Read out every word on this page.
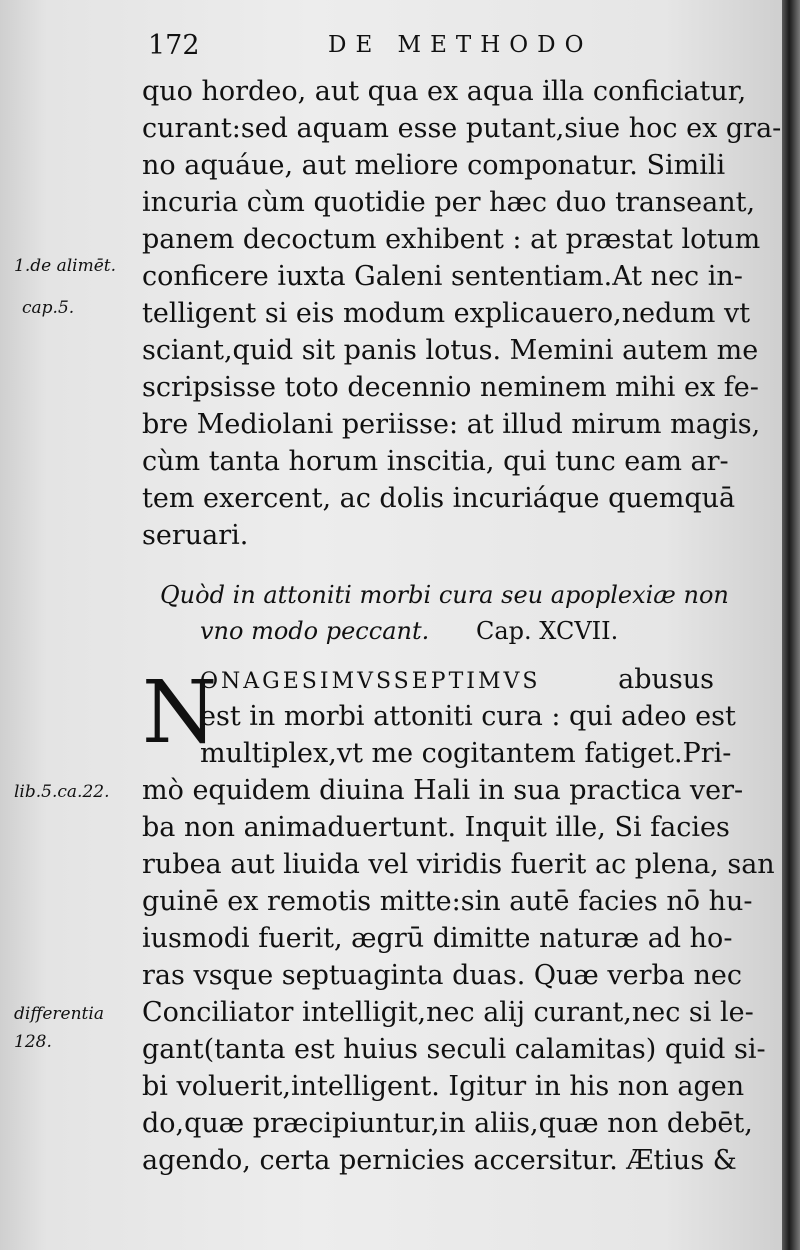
172	DE METHODO
quo hordeo, aut qua ex aqua illa conficiatur,
curant:sed aquam esse putant,siue hoc ex gra-
no aquáue, aut meliore componatur. Simili
incuria cùm quotidie per hæc duo transeant,
panem decoctum exhibent : at præstat lotum
conficere iuxta Galeni sententiam.At nec in-
telligent si eis modum explicauero,nedum vt
sciant,quid sit panis lotus. Memini autem me
scripsisse toto decennio neminem mihi ex fe-
bre Mediolani periisse: at illud mirum magis,
cùm tanta horum inscitia, qui tunc eam ar-
tem exercent, ac dolis incuriáque quemquā
seruari.
Quòd in attoniti morbi cura seu apoplexiæ non
vno modo peccant. Cap. XCVII.
N
ONAGESIMVSSEPTIMVS	abusus
est in morbi attoniti cura : qui adeo est
multiplex,vt me cogitantem fatiget.Pri-
mò equidem diuina Hali in sua practica ver-
ba non animaduertunt. Inquit ille, Si facies
rubea aut liuida vel viridis fuerit ac plena, san
guinē ex remotis mitte:sin autē facies nō hu-
iusmodi fuerit, ægrū dimitte naturæ ad ho-
ras vsque septuaginta duas. Quæ verba nec
Conciliator intelligit,nec alij curant,nec si le-
gant(tanta est huius seculi calamitas) quid si-
bi voluerit,intelligent. Igitur in his non agen
do,quæ præcipiuntur,in aliis,quæ non debēt,
agendo, certa pernicies accersitur. Ætius &
1.de alimēt.
cap.5.
lib.5.ca.22.
differentia
128.
